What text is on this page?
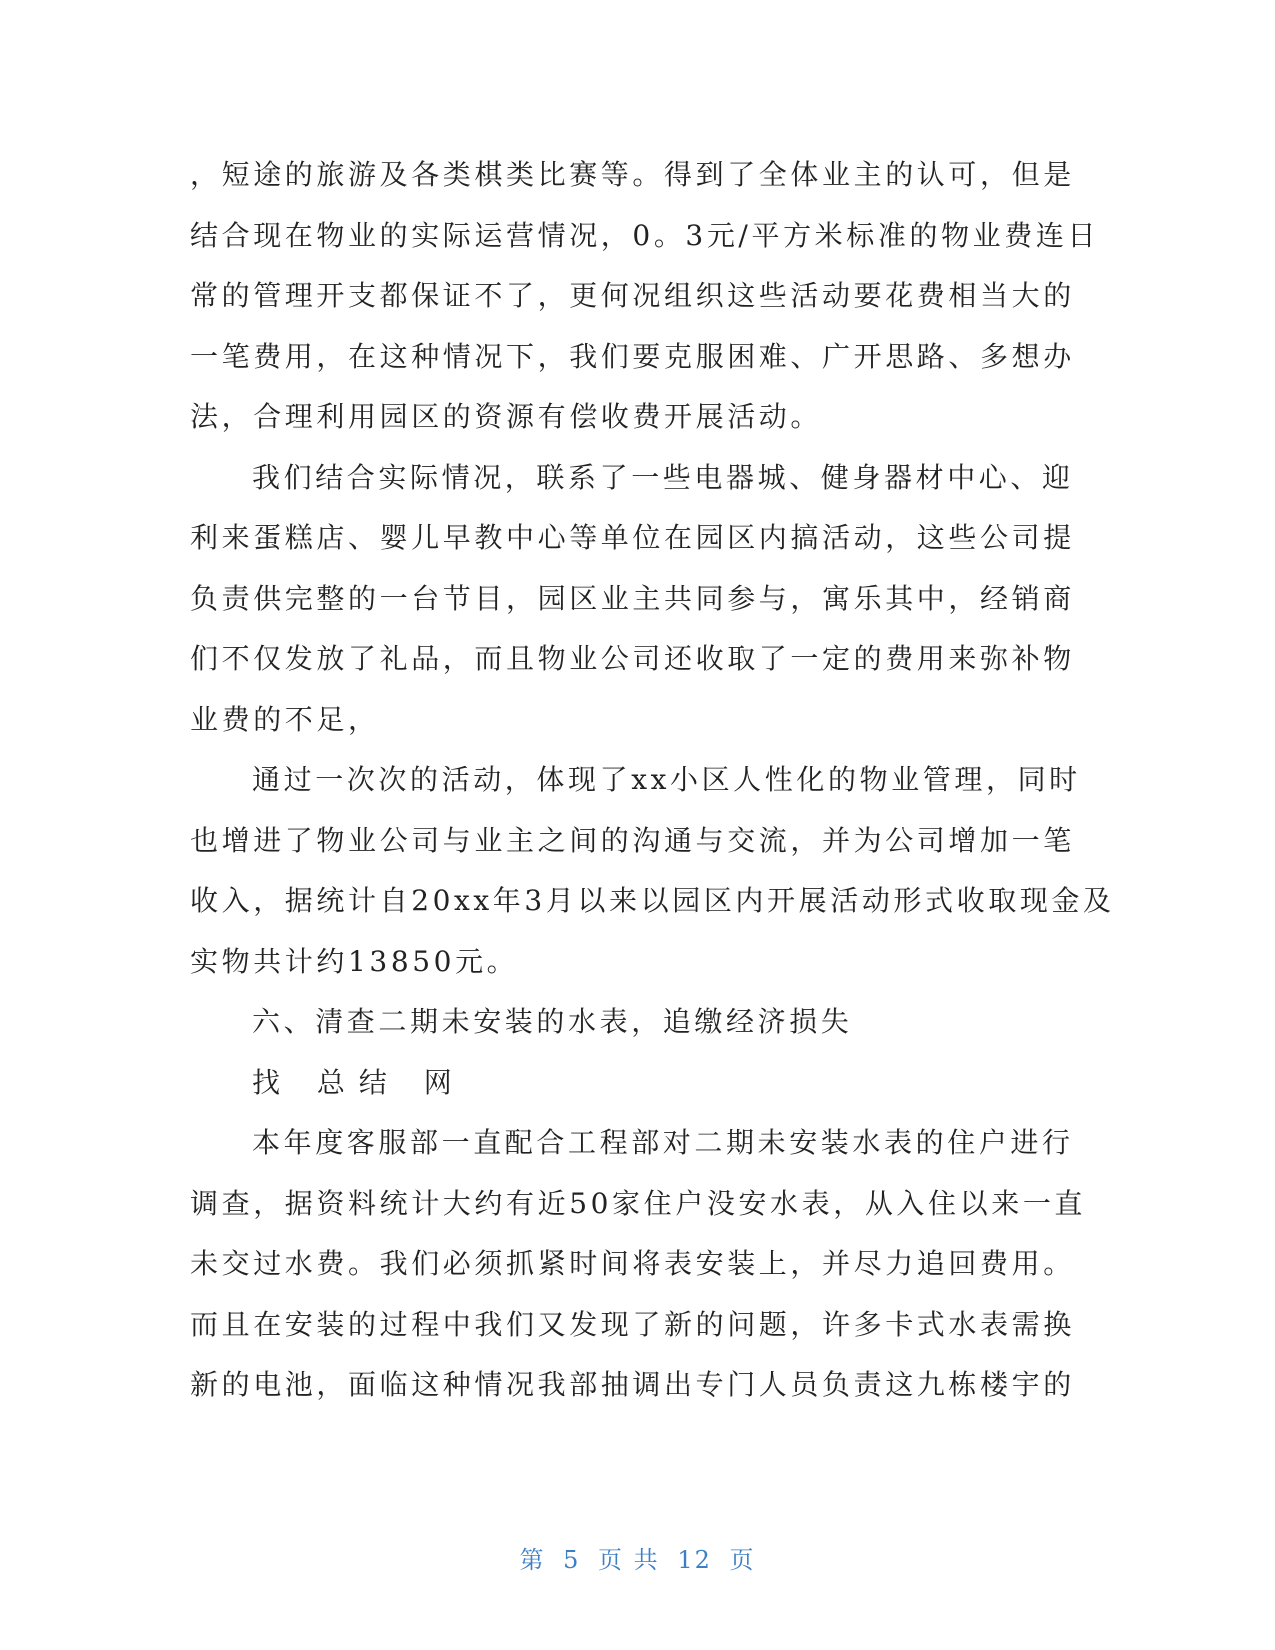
，短途的旅游及各类棋类比赛等。得到了全体业主的认可，但是
结合现在物业的实际运营情况，0。3元/平方米标准的物业费连日
常的管理开支都保证不了，更何况组织这些活动要花费相当大的
一笔费用，在这种情况下，我们要克服困难、广开思路、多想办
法，合理利用园区的资源有偿收费开展活动。
我们结合实际情况，联系了一些电器城、健身器材中心、迎
利来蛋糕店、婴儿早教中心等单位在园区内搞活动，这些公司提
负责供完整的一台节目，园区业主共同参与，寓乐其中，经销商
们不仅发放了礼品，而且物业公司还收取了一定的费用来弥补物
业费的不足，
通过一次次的活动，体现了xx小区人性化的物业管理，同时
也增进了物业公司与业主之间的沟通与交流，并为公司增加一笔
收入，据统计自20xx年3月以来以园区内开展活动形式收取现金及
实物共计约13850元。
六、清查二期未安装的水表，追缴经济损失
找 总结 网
本年度客服部一直配合工程部对二期未安装水表的住户进行
调查，据资料统计大约有近50家住户没安水表，从入住以来一直
未交过水费。我们必须抓紧时间将表安装上，并尽力追回费用。
而且在安装的过程中我们又发现了新的问题，许多卡式水表需换
新的电池，面临这种情况我部抽调出专门人员负责这九栋楼宇的
第 5 页 共 12 页
